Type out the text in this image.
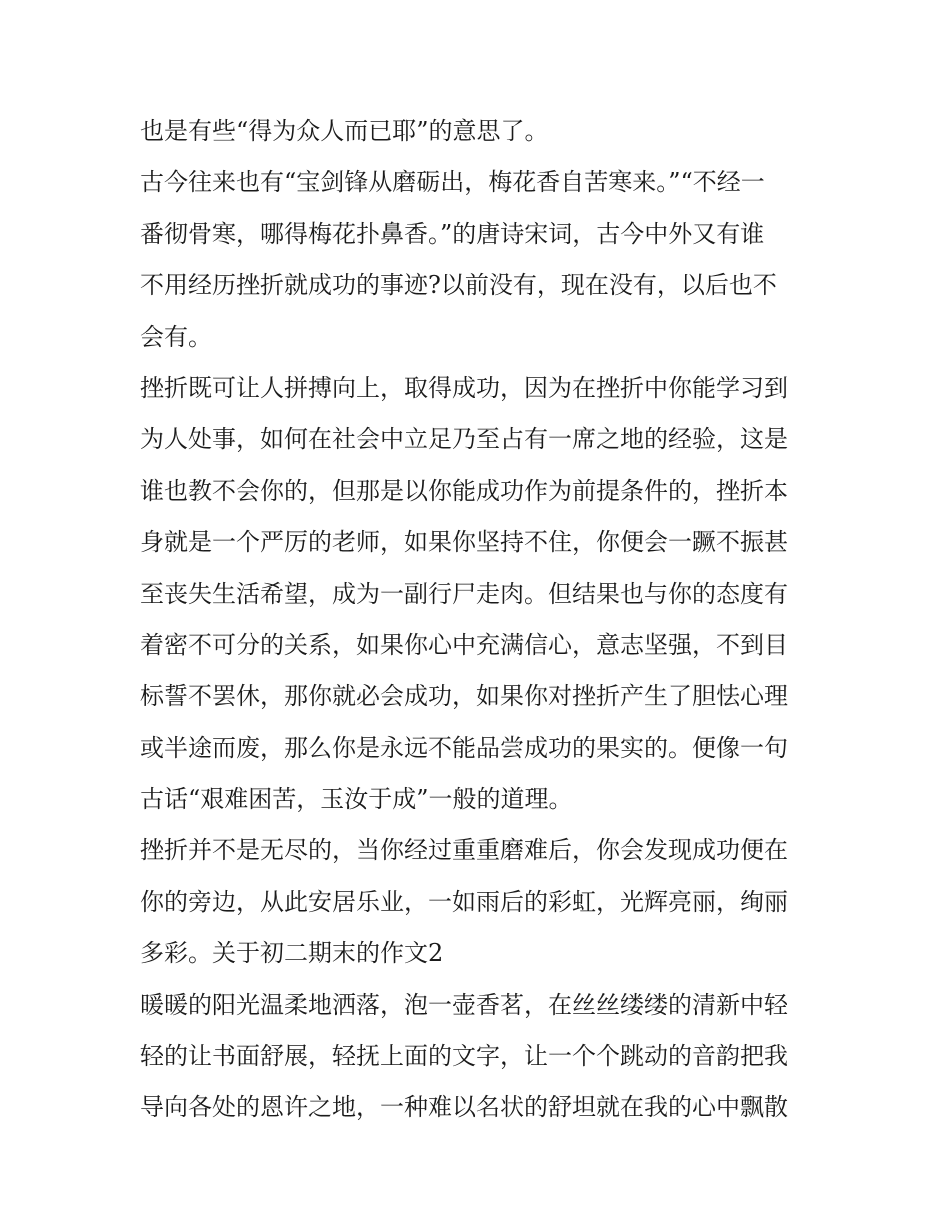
也是有些“得为众人而已耶”的意思了。
古今往来也有“宝剑锋从磨砺出，梅花香自苦寒来。”“不经一
番彻骨寒，哪得梅花扑鼻香。”的唐诗宋词，古今中外又有谁
不用经历挫折就成功的事迹?以前没有，现在没有，以后也不
会有。
挫折既可让人拼搏向上，取得成功，因为在挫折中你能学习到
为人处事，如何在社会中立足乃至占有一席之地的经验，这是
谁也教不会你的，但那是以你能成功作为前提条件的，挫折本
身就是一个严厉的老师，如果你坚持不住，你便会一蹶不振甚
至丧失生活希望，成为一副行尸走肉。但结果也与你的态度有
着密不可分的关系，如果你心中充满信心，意志坚强，不到目
标誓不罢休，那你就必会成功，如果你对挫折产生了胆怯心理
或半途而废，那么你是永远不能品尝成功的果实的。便像一句
古话“艰难困苦，玉汝于成”一般的道理。
挫折并不是无尽的，当你经过重重磨难后，你会发现成功便在
你的旁边，从此安居乐业，一如雨后的彩虹，光辉亮丽，绚丽
多彩。关于初二期末的作文2
暖暖的阳光温柔地洒落，泡一壶香茗，在丝丝缕缕的清新中轻
轻的让书面舒展，轻抚上面的文字，让一个个跳动的音韵把我
导向各处的恩许之地，一种难以名状的舒坦就在我的心中飘散
